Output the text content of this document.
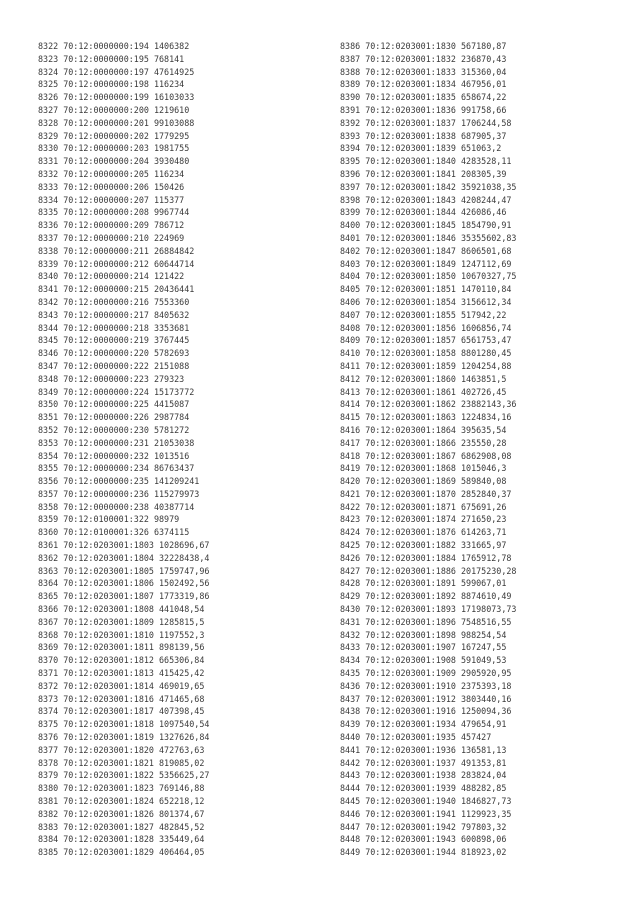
8322 70:12:0000000:194 1406382
8323 70:12:0000000:195 768141
8324 70:12:0000000:197 47614925
8325 70:12:0000000:198 116234
8326 70:12:0000000:199 16103033
8327 70:12:0000000:200 1219610
8328 70:12:0000000:201 99103088
8329 70:12:0000000:202 1779295
8330 70:12:0000000:203 1981755
8331 70:12:0000000:204 3930480
8332 70:12:0000000:205 116234
8333 70:12:0000000:206 150426
8334 70:12:0000000:207 115377
8335 70:12:0000000:208 9967744
8336 70:12:0000000:209 786712
8337 70:12:0000000:210 224969
8338 70:12:0000000:211 26884842
8339 70:12:0000000:212 60644714
8340 70:12:0000000:214 121422
8341 70:12:0000000:215 20436441
8342 70:12:0000000:216 7553360
8343 70:12:0000000:217 8405632
8344 70:12:0000000:218 3353681
8345 70:12:0000000:219 3767445
8346 70:12:0000000:220 5782693
8347 70:12:0000000:222 2151088
8348 70:12:0000000:223 279323
8349 70:12:0000000:224 15173772
8350 70:12:0000000:225 4415087
8351 70:12:0000000:226 2987784
8352 70:12:0000000:230 5781272
8353 70:12:0000000:231 21053038
8354 70:12:0000000:232 1013516
8355 70:12:0000000:234 86763437
8356 70:12:0000000:235 141209241
8357 70:12:0000000:236 115279973
8358 70:12:0000000:238 40387714
8359 70:12:0100001:322 98979
8360 70:12:0100001:326 6374115
8361 70:12:0203001:1803 1028696,67
8362 70:12:0203001:1804 32228438,4
8363 70:12:0203001:1805 1759747,96
8364 70:12:0203001:1806 1502492,56
8365 70:12:0203001:1807 1773319,86
8366 70:12:0203001:1808 441048,54
8367 70:12:0203001:1809 1285815,5
8368 70:12:0203001:1810 1197552,3
8369 70:12:0203001:1811 898139,56
8370 70:12:0203001:1812 665306,84
8371 70:12:0203001:1813 415425,42
8372 70:12:0203001:1814 469019,65
8373 70:12:0203001:1816 471465,68
8374 70:12:0203001:1817 407398,45
8375 70:12:0203001:1818 1097540,54
8376 70:12:0203001:1819 1327626,84
8377 70:12:0203001:1820 472763,63
8378 70:12:0203001:1821 819085,02
8379 70:12:0203001:1822 5356625,27
8380 70:12:0203001:1823 769146,88
8381 70:12:0203001:1824 652218,12
8382 70:12:0203001:1826 801374,67
8383 70:12:0203001:1827 482845,52
8384 70:12:0203001:1828 335449,64
8385 70:12:0203001:1829 406464,05
8386 70:12:0203001:1830 567180,87
8387 70:12:0203001:1832 236870,43
8388 70:12:0203001:1833 315360,04
8389 70:12:0203001:1834 467956,01
8390 70:12:0203001:1835 658674,22
8391 70:12:0203001:1836 991758,66
8392 70:12:0203001:1837 1706244,58
8393 70:12:0203001:1838 687905,37
8394 70:12:0203001:1839 651063,2
8395 70:12:0203001:1840 4283528,11
8396 70:12:0203001:1841 208305,39
8397 70:12:0203001:1842 35921038,35
8398 70:12:0203001:1843 4208244,47
8399 70:12:0203001:1844 426086,46
8400 70:12:0203001:1845 1854790,91
8401 70:12:0203001:1846 35355602,83
8402 70:12:0203001:1847 8606501,68
8403 70:12:0203001:1849 1247112,69
8404 70:12:0203001:1850 10670327,75
8405 70:12:0203001:1851 1470110,84
8406 70:12:0203001:1854 3156612,34
8407 70:12:0203001:1855 517942,22
8408 70:12:0203001:1856 1606856,74
8409 70:12:0203001:1857 6561753,47
8410 70:12:0203001:1858 8801280,45
8411 70:12:0203001:1859 1204254,88
8412 70:12:0203001:1860 1463851,5
8413 70:12:0203001:1861 402726,45
8414 70:12:0203001:1862 23882143,36
8415 70:12:0203001:1863 1224834,16
8416 70:12:0203001:1864 395635,54
8417 70:12:0203001:1866 235550,28
8418 70:12:0203001:1867 6862908,08
8419 70:12:0203001:1868 1015046,3
8420 70:12:0203001:1869 589840,08
8421 70:12:0203001:1870 2852840,37
8422 70:12:0203001:1871 675691,26
8423 70:12:0203001:1874 271650,23
8424 70:12:0203001:1876 614263,71
8425 70:12:0203001:1882 331665,97
8426 70:12:0203001:1884 1765912,78
8427 70:12:0203001:1886 20175230,28
8428 70:12:0203001:1891 599067,01
8429 70:12:0203001:1892 8874610,49
8430 70:12:0203001:1893 17198073,73
8431 70:12:0203001:1896 7548516,55
8432 70:12:0203001:1898 988254,54
8433 70:12:0203001:1907 167247,55
8434 70:12:0203001:1908 591049,53
8435 70:12:0203001:1909 2905920,95
8436 70:12:0203001:1910 2375393,18
8437 70:12:0203001:1912 3803440,16
8438 70:12:0203001:1916 1250094,36
8439 70:12:0203001:1934 479654,91
8440 70:12:0203001:1935 457427
8441 70:12:0203001:1936 136581,13
8442 70:12:0203001:1937 491353,81
8443 70:12:0203001:1938 283824,04
8444 70:12:0203001:1939 488282,85
8445 70:12:0203001:1940 1846827,73
8446 70:12:0203001:1941 1129923,35
8447 70:12:0203001:1942 797803,32
8448 70:12:0203001:1943 600898,06
8449 70:12:0203001:1944 818923,02
